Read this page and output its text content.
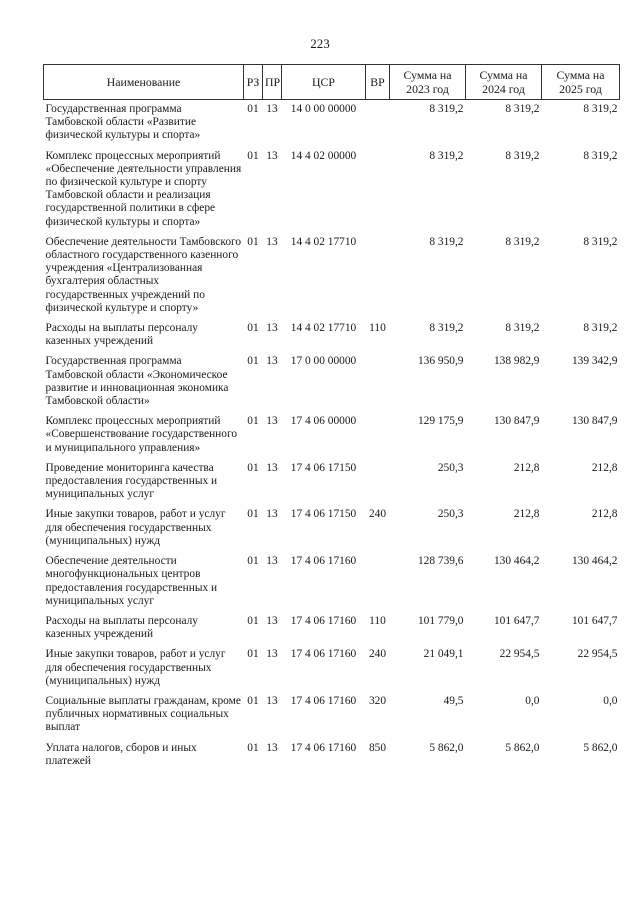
223
Наименование	РЗ	ПР	ЦСР	ВР	Сумма на 2023 год	Сумма на 2024 год	Сумма на 2025 год
Государственная программа Тамбовской области «Развитие физической культуры и спорта»	01	13	14 0 00 00000		8 319,2	8 319,2	8 319,2
Комплекс процессных мероприятий «Обеспечение деятельности управления по физической культуре и спорту Тамбовской области и реализация государственной политики в сфере физической культуры и спорта»	01	13	14 4 02 00000		8 319,2	8 319,2	8 319,2
Обеспечение деятельности Тамбовского областного государственного казенного учреждения «Централизованная бухгалтерия областных государственных учреждений по физической культуре и спорту»	01	13	14 4 02 17710		8 319,2	8 319,2	8 319,2
Расходы на выплаты персоналу казенных учреждений	01	13	14 4 02 17710	110	8 319,2	8 319,2	8 319,2
Государственная программа Тамбовской области «Экономическое развитие и инновационная экономика Тамбовской области»	01	13	17 0 00 00000		136 950,9	138 982,9	139 342,9
Комплекс процессных мероприятий «Совершенствование государственного и муниципального управления»	01	13	17 4 06 00000		129 175,9	130 847,9	130 847,9
Проведение мониторинга качества предоставления государственных и муниципальных услуг	01	13	17 4 06 17150		250,3	212,8	212,8
Иные закупки товаров, работ и услуг для обеспечения государственных (муниципальных) нужд	01	13	17 4 06 17150	240	250,3	212,8	212,8
Обеспечение деятельности многофункциональных центров предоставления государственных и муниципальных услуг	01	13	17 4 06 17160		128 739,6	130 464,2	130 464,2
Расходы на выплаты персоналу казенных учреждений	01	13	17 4 06 17160	110	101 779,0	101 647,7	101 647,7
Иные закупки товаров, работ и услуг для обеспечения государственных (муниципальных) нужд	01	13	17 4 06 17160	240	21 049,1	22 954,5	22 954,5
Социальные выплаты гражданам, кроме публичных нормативных социальных выплат	01	13	17 4 06 17160	320	49,5	0,0	0,0
Уплата налогов, сборов и иных платежей	01	13	17 4 06 17160	850	5 862,0	5 862,0	5 862,0
